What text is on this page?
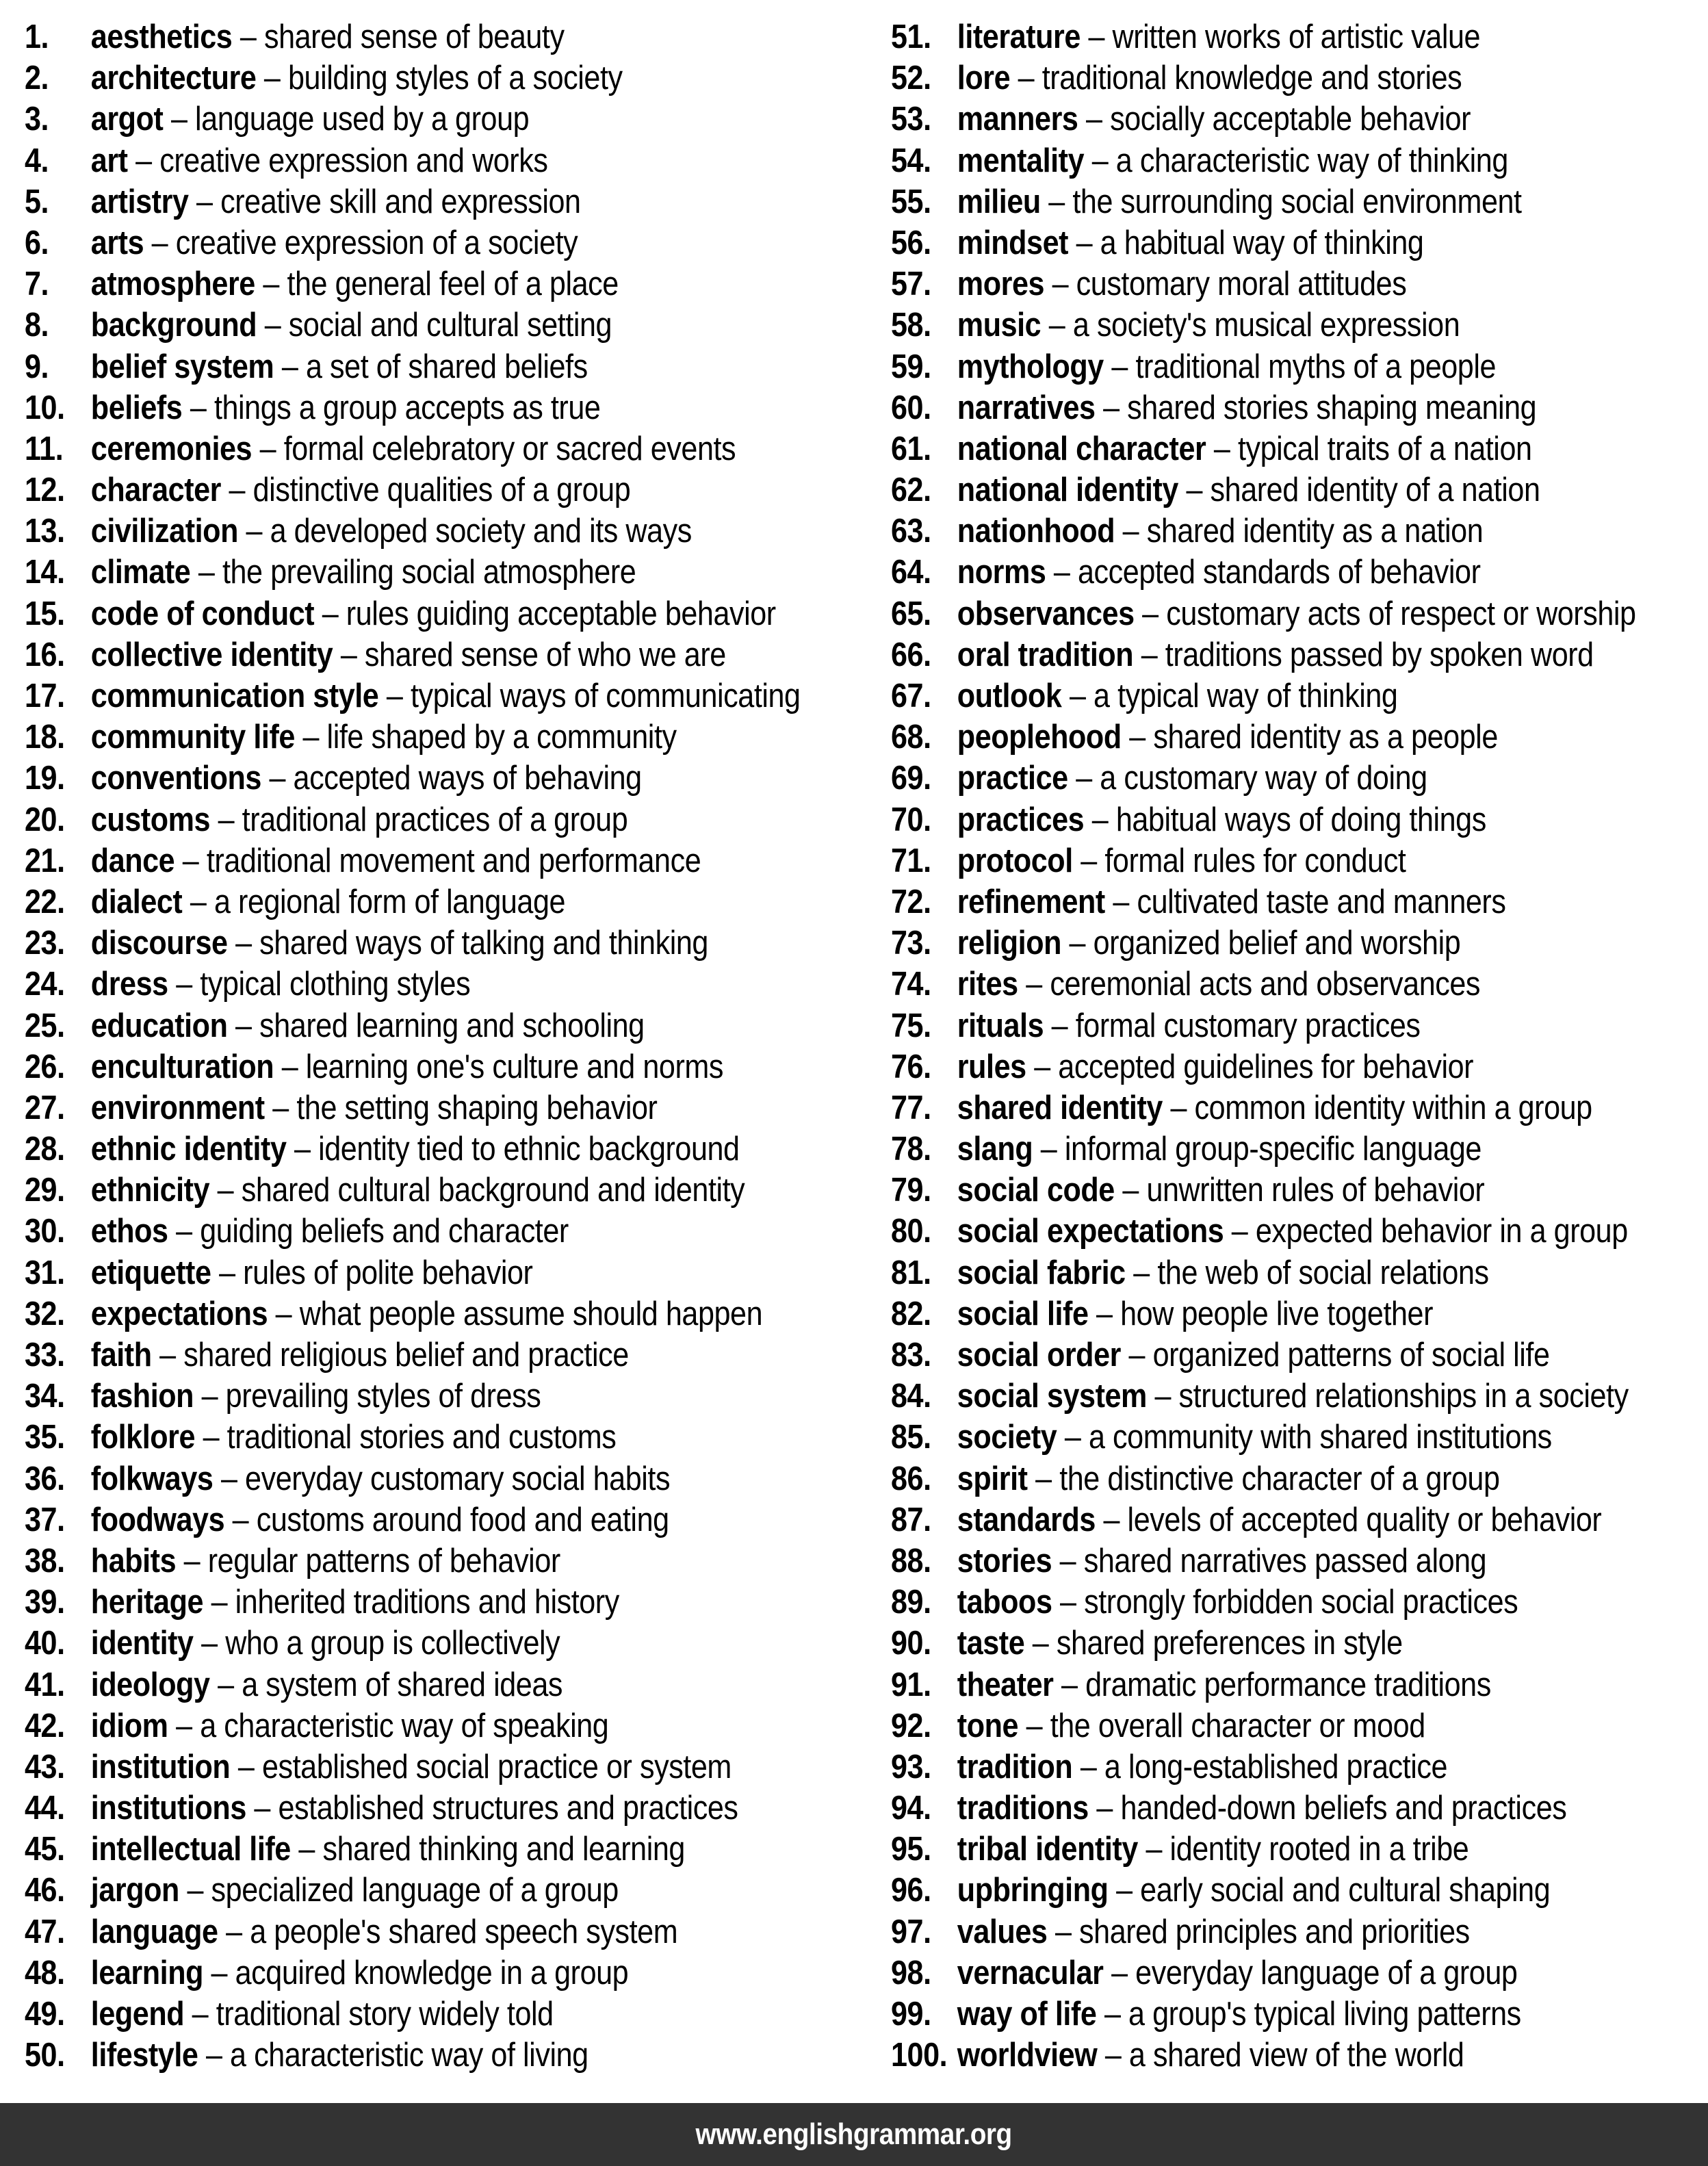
1. aesthetics – shared sense of beauty
2. architecture – building styles of a society
3. argot – language used by a group
4. art – creative expression and works
5. artistry – creative skill and expression
6. arts – creative expression of a society
7. atmosphere – the general feel of a place
8. background – social and cultural setting
9. belief system – a set of shared beliefs
10. beliefs – things a group accepts as true
11. ceremonies – formal celebratory or sacred events
12. character – distinctive qualities of a group
13. civilization – a developed society and its ways
14. climate – the prevailing social atmosphere
15. code of conduct – rules guiding acceptable behavior
16. collective identity – shared sense of who we are
17. communication style – typical ways of communicating
18. community life – life shaped by a community
19. conventions – accepted ways of behaving
20. customs – traditional practices of a group
21. dance – traditional movement and performance
22. dialect – a regional form of language
23. discourse – shared ways of talking and thinking
24. dress – typical clothing styles
25. education – shared learning and schooling
26. enculturation – learning one's culture and norms
27. environment – the setting shaping behavior
28. ethnic identity – identity tied to ethnic background
29. ethnicity – shared cultural background and identity
30. ethos – guiding beliefs and character
31. etiquette – rules of polite behavior
32. expectations – what people assume should happen
33. faith – shared religious belief and practice
34. fashion – prevailing styles of dress
35. folklore – traditional stories and customs
36. folkways – everyday customary social habits
37. foodways – customs around food and eating
38. habits – regular patterns of behavior
39. heritage – inherited traditions and history
40. identity – who a group is collectively
41. ideology – a system of shared ideas
42. idiom – a characteristic way of speaking
43. institution – established social practice or system
44. institutions – established structures and practices
45. intellectual life – shared thinking and learning
46. jargon – specialized language of a group
47. language – a people's shared speech system
48. learning – acquired knowledge in a group
49. legend – traditional story widely told
50. lifestyle – a characteristic way of living
51. literature – written works of artistic value
52. lore – traditional knowledge and stories
53. manners – socially acceptable behavior
54. mentality – a characteristic way of thinking
55. milieu – the surrounding social environment
56. mindset – a habitual way of thinking
57. mores – customary moral attitudes
58. music – a society's musical expression
59. mythology – traditional myths of a people
60. narratives – shared stories shaping meaning
61. national character – typical traits of a nation
62. national identity – shared identity of a nation
63. nationhood – shared identity as a nation
64. norms – accepted standards of behavior
65. observances – customary acts of respect or worship
66. oral tradition – traditions passed by spoken word
67. outlook – a typical way of thinking
68. peoplehood – shared identity as a people
69. practice – a customary way of doing
70. practices – habitual ways of doing things
71. protocol – formal rules for conduct
72. refinement – cultivated taste and manners
73. religion – organized belief and worship
74. rites – ceremonial acts and observances
75. rituals – formal customary practices
76. rules – accepted guidelines for behavior
77. shared identity – common identity within a group
78. slang – informal group-specific language
79. social code – unwritten rules of behavior
80. social expectations – expected behavior in a group
81. social fabric – the web of social relations
82. social life – how people live together
83. social order – organized patterns of social life
84. social system – structured relationships in a society
85. society – a community with shared institutions
86. spirit – the distinctive character of a group
87. standards – levels of accepted quality or behavior
88. stories – shared narratives passed along
89. taboos – strongly forbidden social practices
90. taste – shared preferences in style
91. theater – dramatic performance traditions
92. tone – the overall character or mood
93. tradition – a long-established practice
94. traditions – handed-down beliefs and practices
95. tribal identity – identity rooted in a tribe
96. upbringing – early social and cultural shaping
97. values – shared principles and priorities
98. vernacular – everyday language of a group
99. way of life – a group's typical living patterns
100. worldview – a shared view of the world
www.englishgrammar.org
